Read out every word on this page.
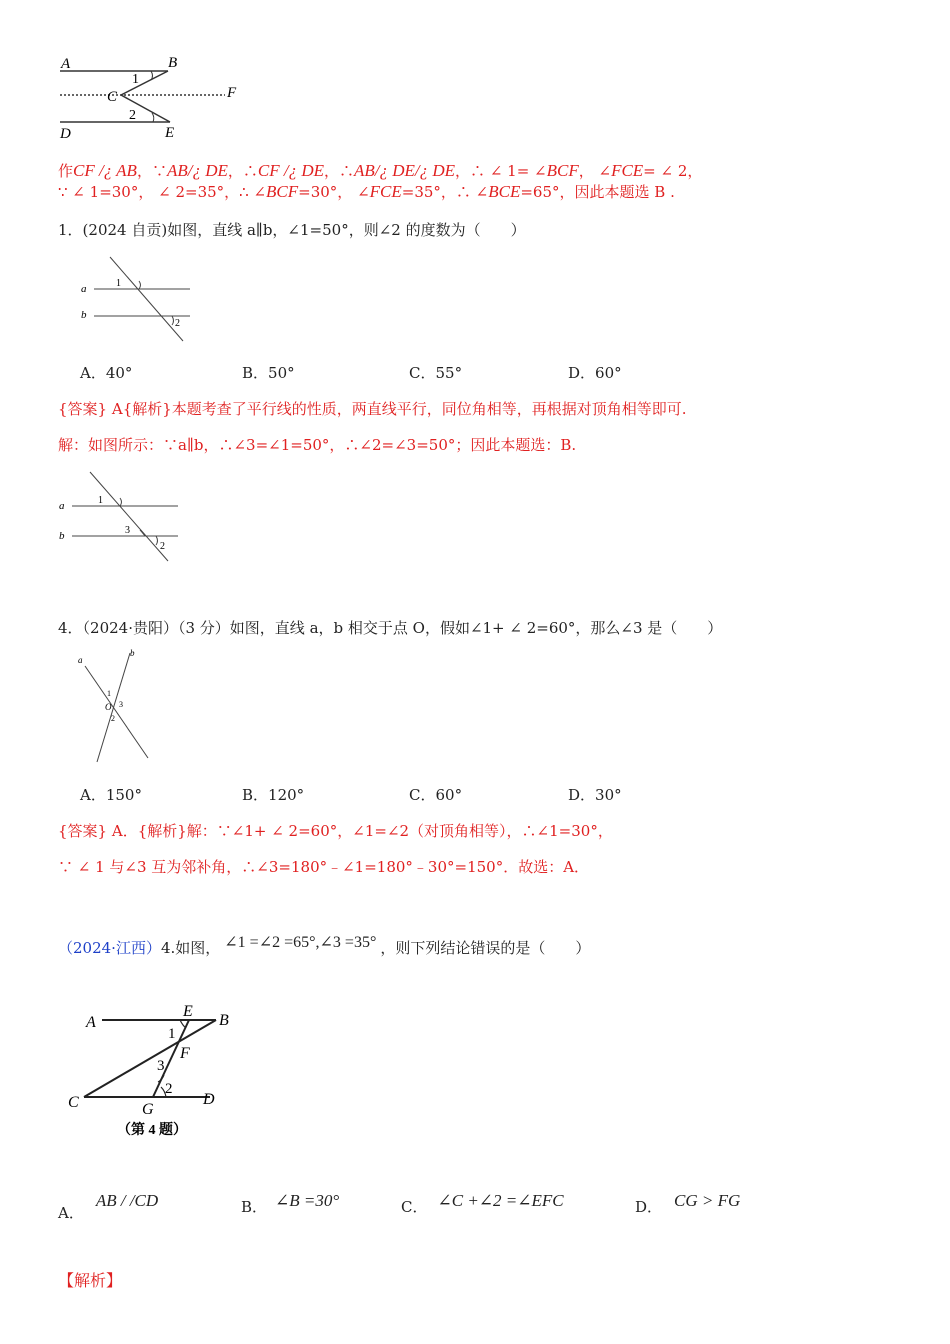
A	B
C	F
D	E
1
2
作CF /¿ AB，∵AB/¿ DE，∴CF /¿ DE，∴AB/¿ DE/¿ DE，∴ ∠ 1= ∠BCF， ∠FCE= ∠ 2，
∵ ∠ 1=30°， ∠ 2=35°，∴ ∠BCF=30°， ∠FCE=35°，∴ ∠BCE=65°，因此本题选 B .
1．(2024 自贡)如图，直线 a∥b，∠1=50°，则∠2 的度数为（　　）
a
b
1
2
A．40°	B．50°	C．55°	D．60°
{答案} A{解析}本题考查了平行线的性质，两直线平行，同位角相等，再根据对顶角相等即可.
解：如图所示：∵a∥b，∴∠3=∠1=50°，∴∠2=∠3=50°；因此本题选：B.
a
b
1
3
2
4．（2024·贵阳）（3 分）如图，直线 a，b 相交于点 O，假如∠1+ ∠ 2=60°，那么∠3 是（　　）
a
b
O
1
3
2
A．150°	B．120°	C．60°	D．30°
{答案} A．{解析}解：∵∠1+ ∠ 2=60°，∠1=∠2（对顶角相等），∴∠1=30°，
∵ ∠ 1 与∠3 互为邻补角，∴∠3=180°﹣∠1=180°﹣30°=150°．故选：A．
（2024·江西）4.如图， ∠1 =∠2 =65°,∠3 =35° ，则下列结论错误的是（　　）
A
E
B
1
F
3
2
C	G
D
（第 4 题）
A．AB / /CD	B． ∠B =30°	C． ∠C +∠2 =∠EFC	D． CG > FG
【解析】
